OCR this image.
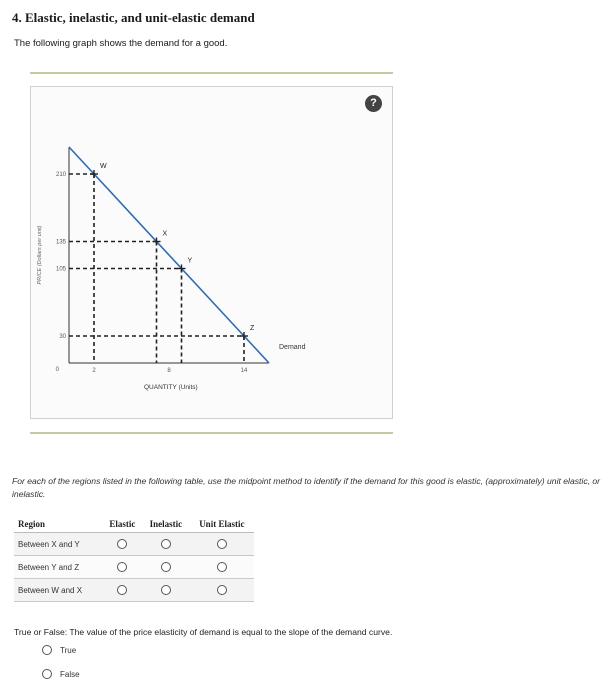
4. Elastic, inelastic, and unit-elastic demand
The following graph shows the demand for a good.
?
Demand
W
X
Y
Z
30
105
135
210
2	8	14
0
QUANTITY (Units)
PRICE (Dollars per unit)
For each of the regions listed in the following table, use the midpoint method to identify if the demand for this good is elastic, (approximately) unit elastic, or inelastic.
Region	Elastic	Inelastic	Unit Elastic
Between X and Y			
Between Y and Z			
Between W and X			
True or False: The value of the price elasticity of demand is equal to the slope of the demand curve.
True
False
